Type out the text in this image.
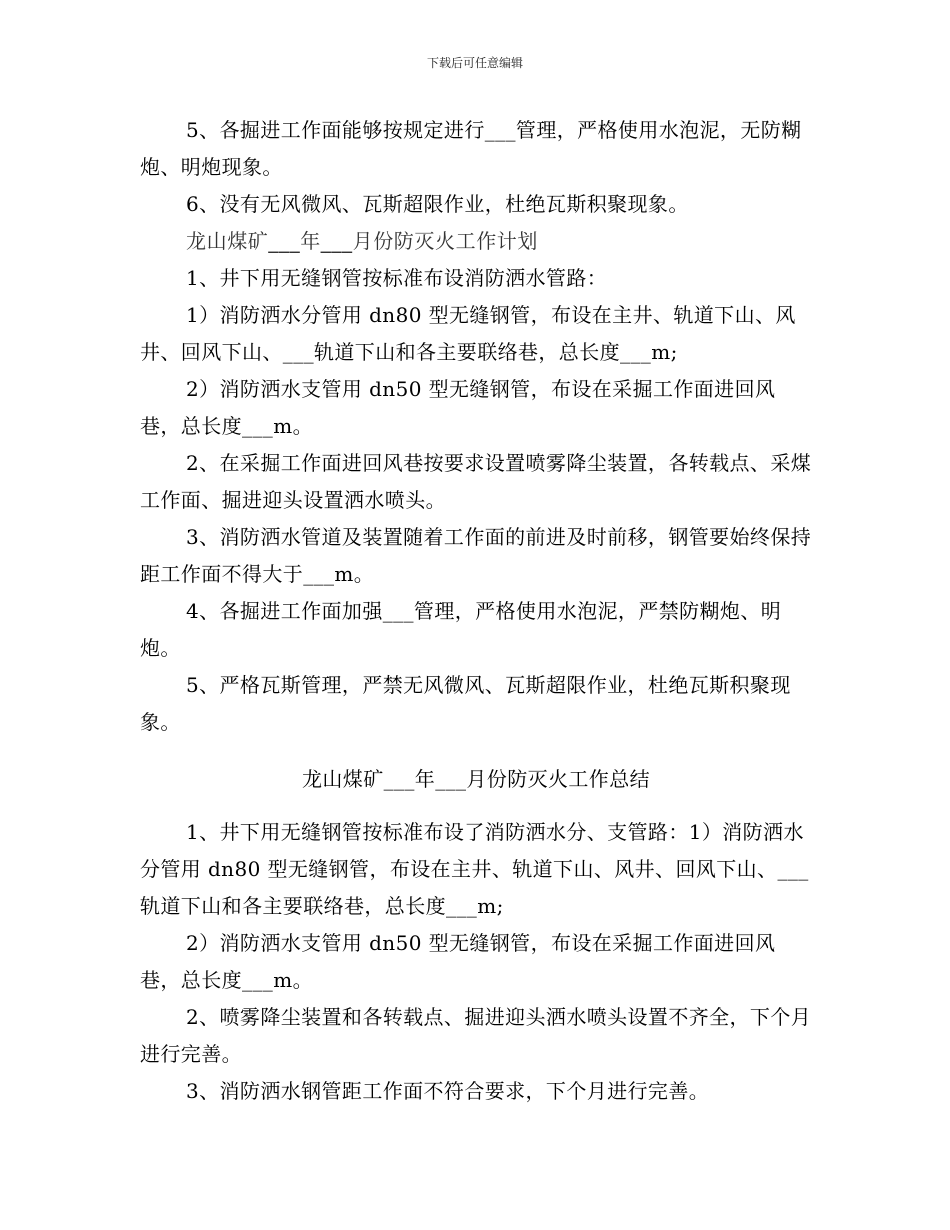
下载后可任意编辑

5、各掘进工作面能够按规定进行___管理，严格使用水泡泥，无防糊炮、明炮现象。

6、没有无风微风、瓦斯超限作业，杜绝瓦斯积聚现象。

龙山煤矿___年___月份防灭火工作计划

1、井下用无缝钢管按标准布设消防洒水管路：

1）消防洒水分管用 dn80 型无缝钢管，布设在主井、轨道下山、风井、回风下山、___轨道下山和各主要联络巷，总长度___m;

2）消防洒水支管用 dn50 型无缝钢管，布设在采掘工作面进回风巷，总长度___m。

2、在采掘工作面进回风巷按要求设置喷雾降尘装置，各转载点、采煤工作面、掘进迎头设置洒水喷头。

3、消防洒水管道及装置随着工作面的前进及时前移，钢管要始终保持距工作面不得大于___m。

4、各掘进工作面加强___管理，严格使用水泡泥，严禁防糊炮、明炮。

5、严格瓦斯管理，严禁无风微风、瓦斯超限作业，杜绝瓦斯积聚现象。

龙山煤矿___年___月份防灭火工作总结

1、井下用无缝钢管按标准布设了消防洒水分、支管路：1）消防洒水分管用 dn80 型无缝钢管，布设在主井、轨道下山、风井、回风下山、___轨道下山和各主要联络巷，总长度___m;

2）消防洒水支管用 dn50 型无缝钢管，布设在采掘工作面进回风巷，总长度___m。

2、喷雾降尘装置和各转载点、掘进迎头洒水喷头设置不齐全，下个月进行完善。

3、消防洒水钢管距工作面不符合要求，下个月进行完善。
